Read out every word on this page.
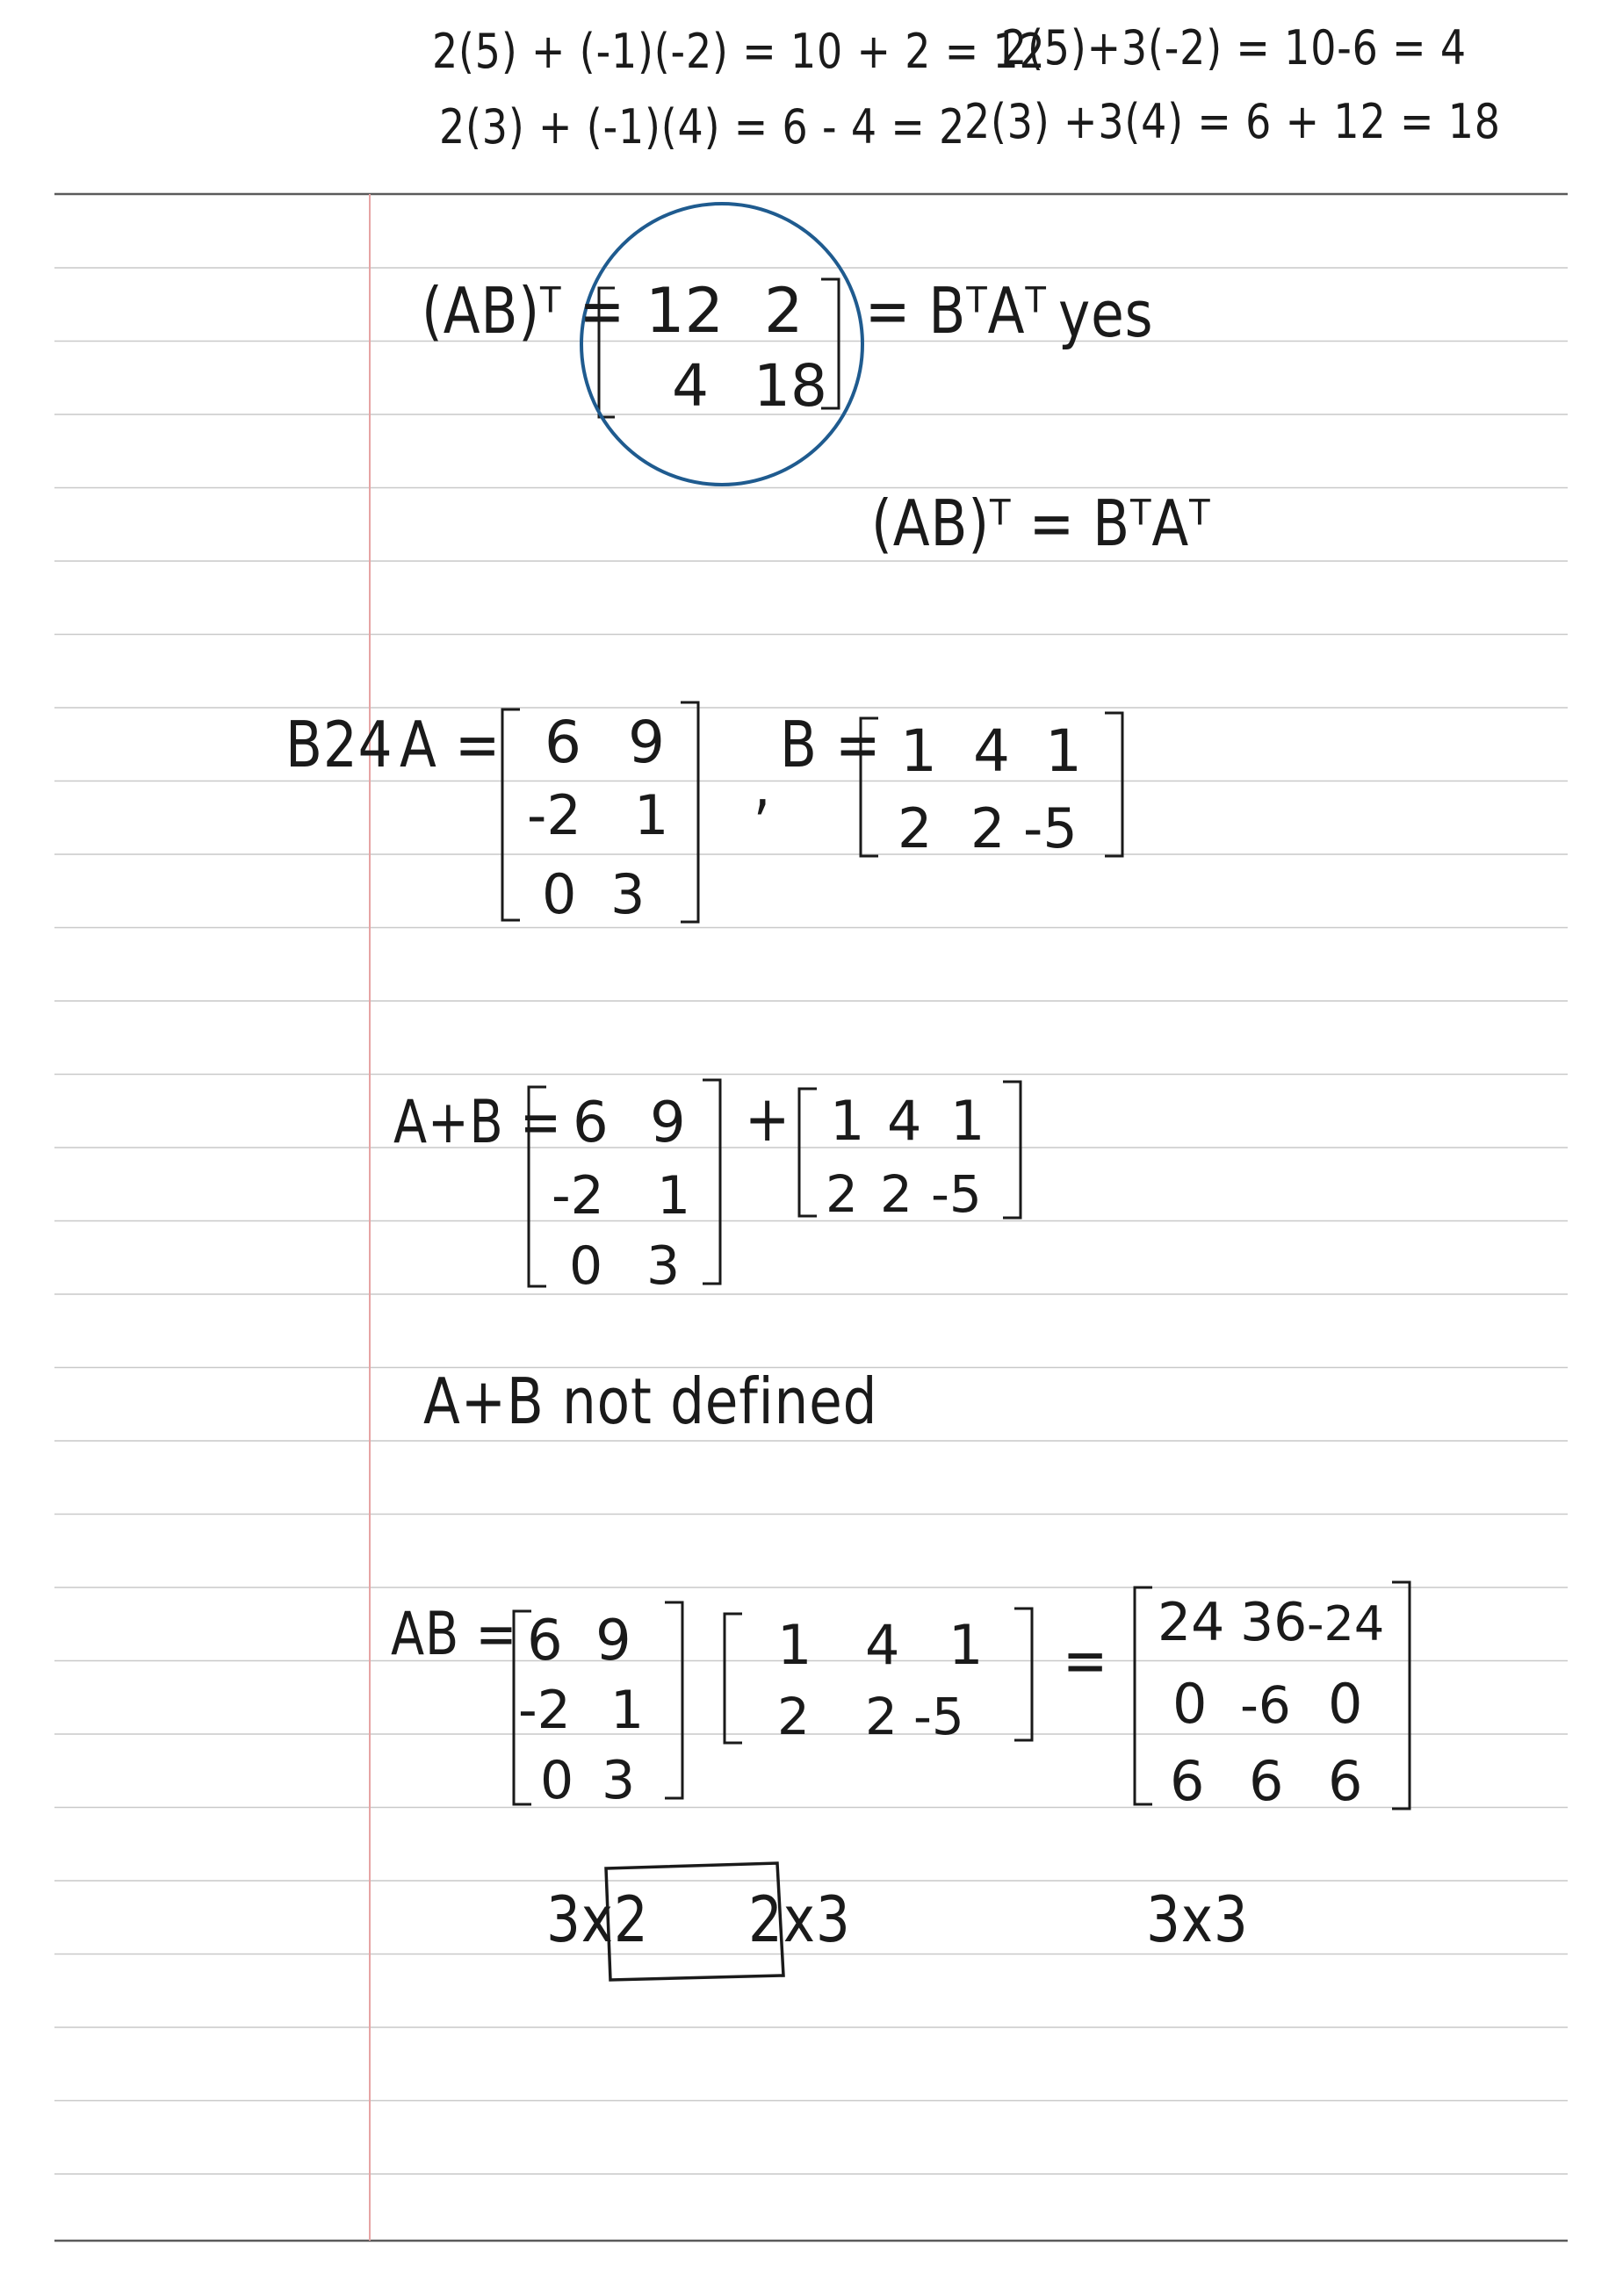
12 2
4 18
6 9
-2 1
0 3
1 4 1
2 2 -5
6 9
-2 1
0 3
1 4 1
2 2 -5
6 9
-2 1
0 3
1 4 1
2 2 -5
24 36 -24
0 -6 0
6 6 6
2(5) + (-1)(-2) = 10 + 2 = 12
2(5)+3(-2) = 10-6 = 4
2(3) + (-1)(4) = 6 - 4 = 2
2(3) +3(4) = 6 + 12 = 18
(AB)ᵀ =	= BᵀAᵀ yes
(AB)ᵀ = BᵀAᵀ
B24 A =
,
B =
A+B =	+
A+B not defined
AB =	=
3x2 2x3	3x3
